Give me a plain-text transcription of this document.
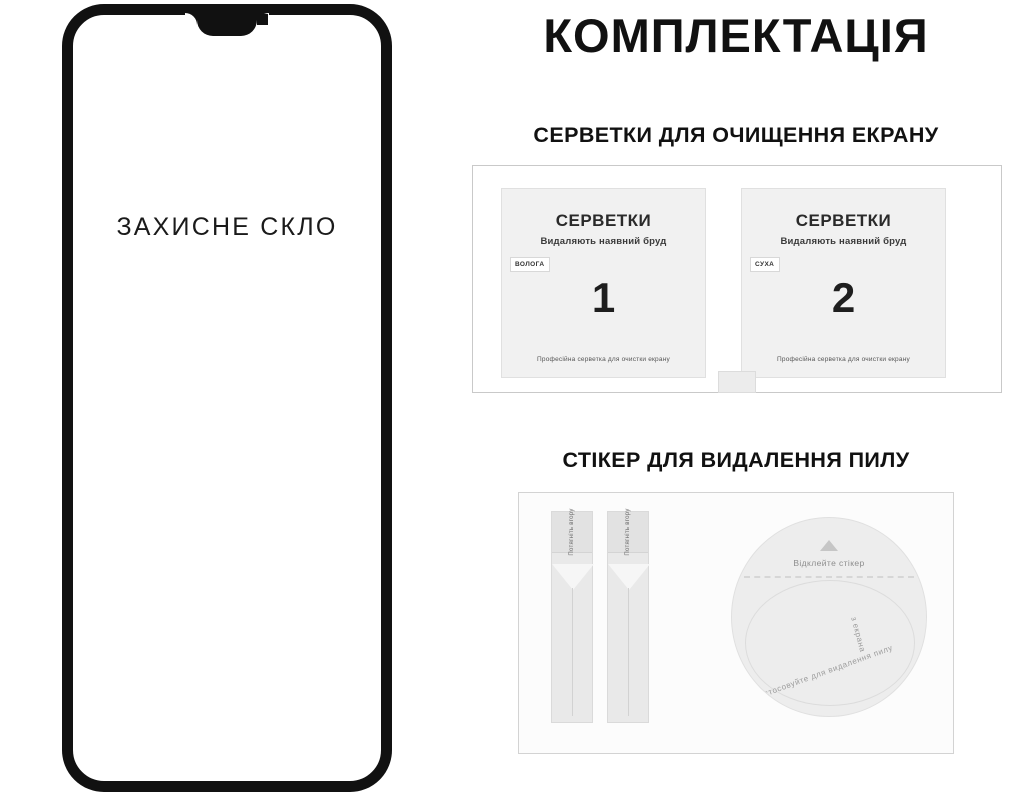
ЗАХИСНЕ СКЛО
КОМПЛЕКТАЦІЯ
СЕРВЕТКИ ДЛЯ ОЧИЩЕННЯ ЕКРАНУ
СЕРВЕТКИ
Видаляють наявний бруд
ВОЛОГА
1
Професійна серветка для очистки екрану
СЕРВЕТКИ
Видаляють наявний бруд
СУХА
2
Професійна серветка для очистки екрану
СТІКЕР ДЛЯ ВИДАЛЕННЯ ПИЛУ
Потягніть вгору	Потягніть вгору
Відклейте стікер
з екрана
Застосовуйте для видалення пилу
